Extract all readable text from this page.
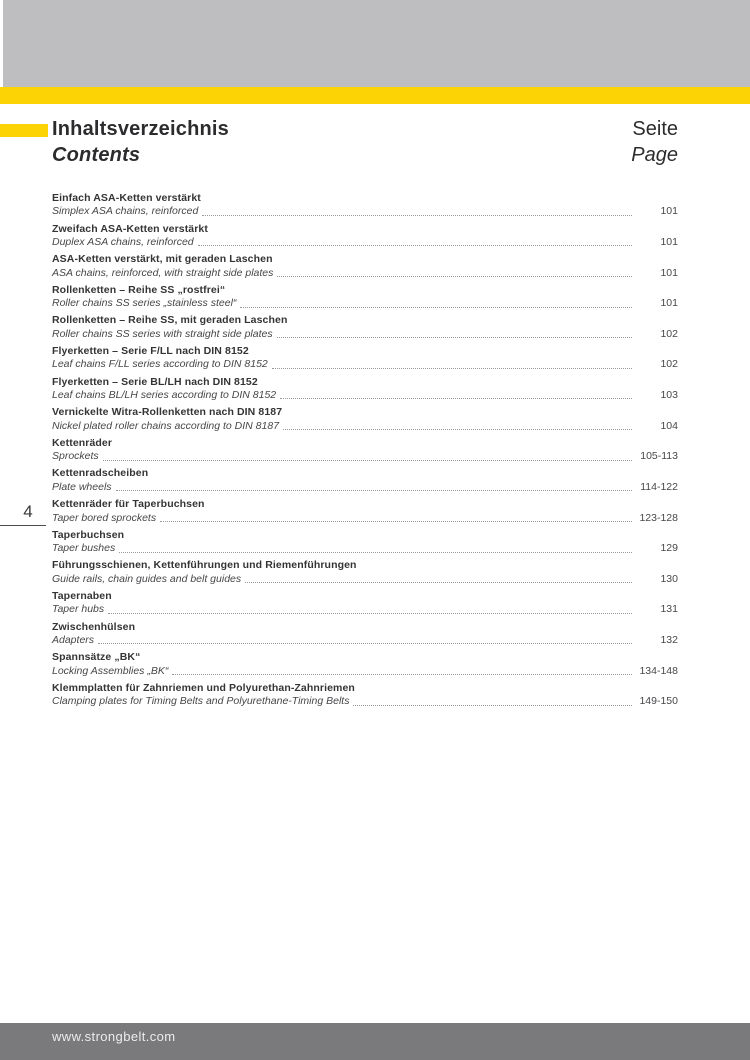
Inhaltsverzeichnis
Contents
Seite
Page
Einfach ASA-Ketten verstärkt
Simplex ASA chains, reinforced	101
Zweifach ASA-Ketten verstärkt
Duplex ASA chains, reinforced	101
ASA-Ketten verstärkt, mit geraden Laschen
ASA chains, reinforced, with straight side plates	101
Rollenketten – Reihe SS „rostfrei“
Roller chains SS series „stainless steel“	101
Rollenketten – Reihe SS, mit geraden Laschen
Roller chains SS series with straight side plates	102
Flyerketten – Serie F/LL nach DIN 8152
Leaf chains F/LL series according to DIN 8152	102
Flyerketten – Serie BL/LH nach DIN 8152
Leaf chains BL/LH series according to DIN 8152	103
Vernickelte Witra-Rollenketten nach DIN 8187
Nickel plated roller chains according to DIN 8187	104
Kettenräder
Sprockets	105-113
Kettenradscheiben
Plate wheels	114-122
Kettenräder für Taperbuchsen
Taper bored sprockets	123-128
Taperbuchsen
Taper bushes	129
Führungsschienen, Kettenführungen und Riemenführungen
Guide rails, chain guides and belt guides	130
Tapernaben
Taper hubs	131
Zwischenhülsen
Adapters	132
Spannsätze „BK“
Locking Assemblies „BK“	134-148
Klemmplatten für Zahnriemen und Polyurethan-Zahnriemen
Clamping plates for Timing Belts and Polyurethane-Timing Belts	149-150
4
www.strongbelt.com
